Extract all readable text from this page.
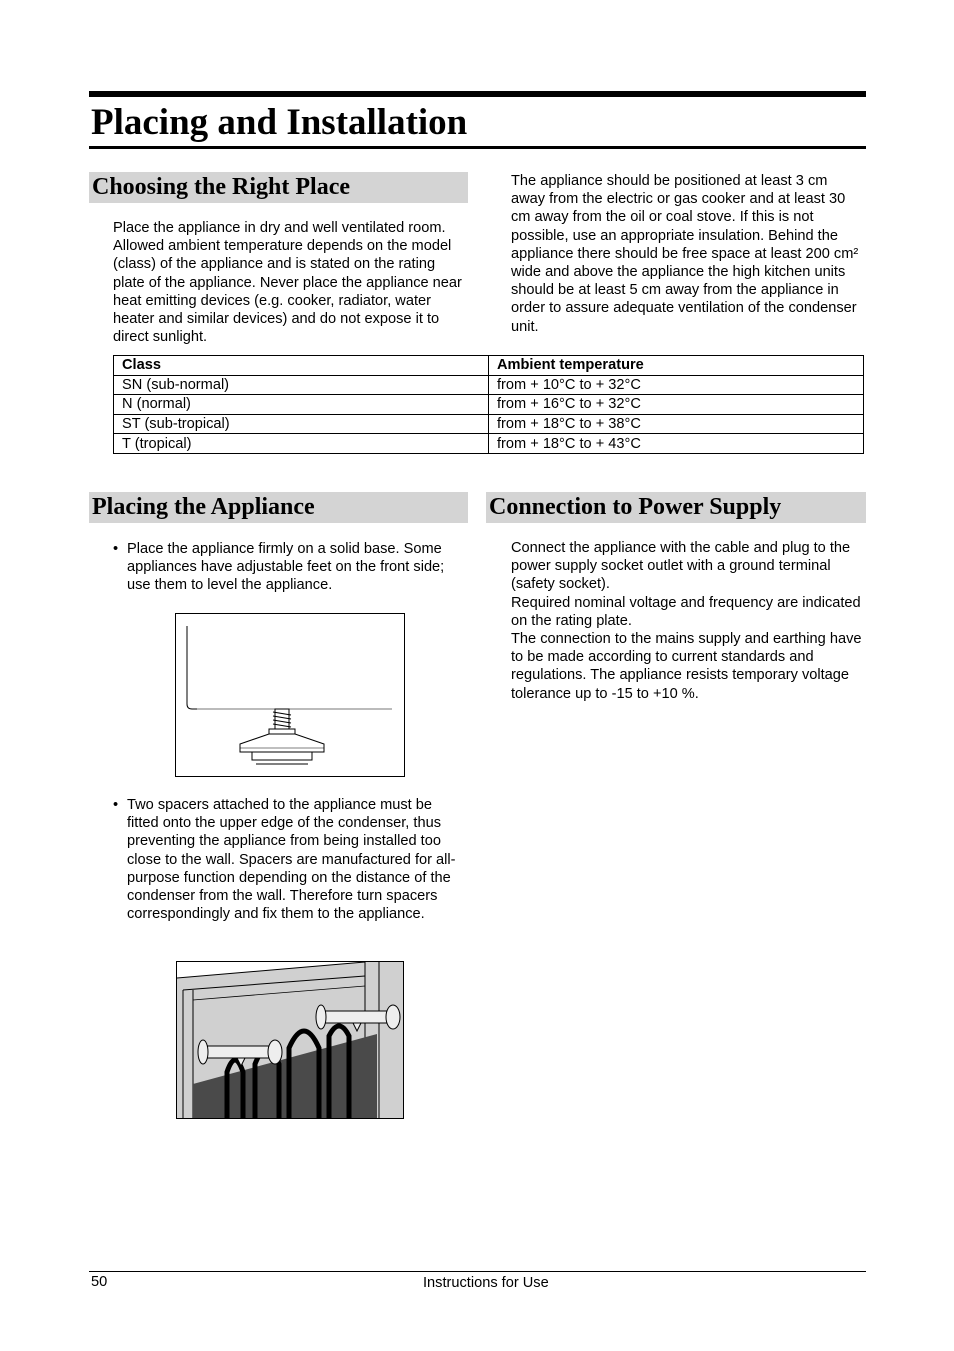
Placing and Installation
Choosing the Right Place

Place the appliance in dry and well ventilated room. Allowed ambient temperature depends on the model (class) of the appliance and is stated on the rating plate of the appliance. Never place the appliance near heat emitting devices (e.g. cooker, radiator, water heater and similar devices) and do not expose it to direct sunlight.

The appliance should be positioned at least 3 cm away from the electric or gas cooker and at least 30 cm away from the oil or coal stove. If this is not possible, use an appropriate insulation. Behind the appliance there should be free space at least 200 cm² wide and above the appliance the high kitchen units should be at least 5 cm away from the appliance in order to assure adequate ventilation of the condenser unit.

Class	Ambient temperature
SN (sub-normal)	from + 10°C to + 32°C
N (normal)	from + 16°C to + 32°C
ST (sub-tropical)	from + 18°C to + 38°C
T (tropical)	from + 18°C to + 43°C
Placing the Appliance
• Place the appliance firmly on a solid base. Some appliances have adjustable feet on the front side; use them to level the appliance.
• Two spacers attached to the appliance must be fitted onto the upper edge of the condenser, thus preventing the appliance from being installed too close to the wall. Spacers are manufactured for all-purpose function depending on the distance of the condenser from the wall. Therefore turn spacers correspondingly and fix them to the appliance.
Connection to Power Supply

Connect the appliance with the cable and plug to the power supply socket outlet with a ground terminal (safety socket).

Required nominal voltage and frequency are indicated on the rating plate.

The connection to the mains supply and earthing have to be made according to current standards and regulations. The appliance resists temporary voltage tolerance up to -15 to +10 %.

50	Instructions for Use
